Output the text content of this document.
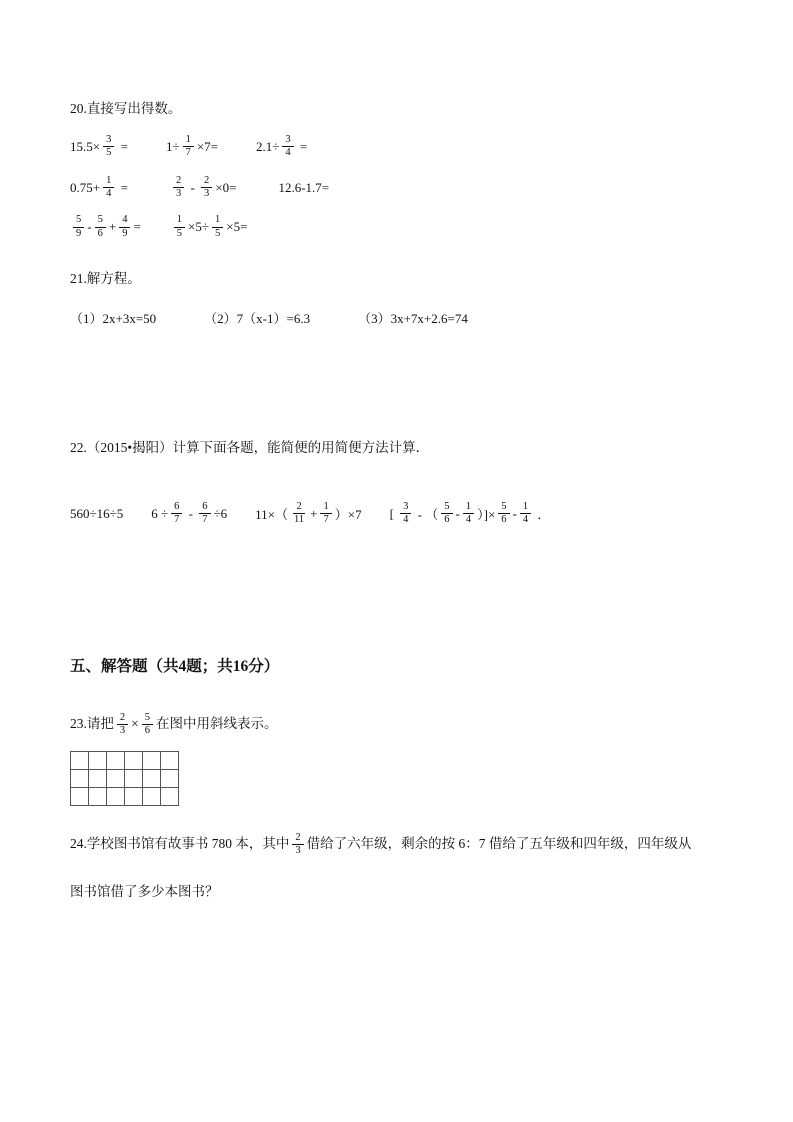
20.直接写出得数。
$15.5\times \frac{3}{5}$ =	$1\div \frac{1}{7} \times 7=$	$2.1\div \frac{3}{4}$ =
$0.75+ \frac{1}{4}$ =	$\frac{2}{3} - \frac{2}{3} \times 0=$	12.6-1.7=
$\frac{5}{9} - \frac{5}{6} + \frac{4}{9}$ =	$\frac{1}{5} \times 5\div \frac{1}{5} \times 5=$
21.解方程。
（1）2x+3x=50	（2）7（x-1）=6.3	（3）3x+7x+2.6=74
22.（2015•揭阳）计算下面各题，能简便的用简便方法计算．
560÷16÷5 $6 \div \frac{6}{7} - \frac{6}{7} \div 6$ $11\times( \frac{2}{11} + \frac{1}{7} )\times 7$ [ $\frac{3}{4}$ - （ $\frac{5}{6} - \frac{1}{4}$ ）]× $\frac{5}{6} - \frac{1}{4}$ ．
五、解答题（共4题；共16分）
23.请把 $\frac{2}{3} \times \frac{5}{6}$ 在图中用斜线表示。
24.学校图书馆有故事书 780 本，其中 $\frac{2}{3}$ 借给了六年级，剩余的按 6：7 借给了五年级和四年级，四年级从
图书馆借了多少本图书？
